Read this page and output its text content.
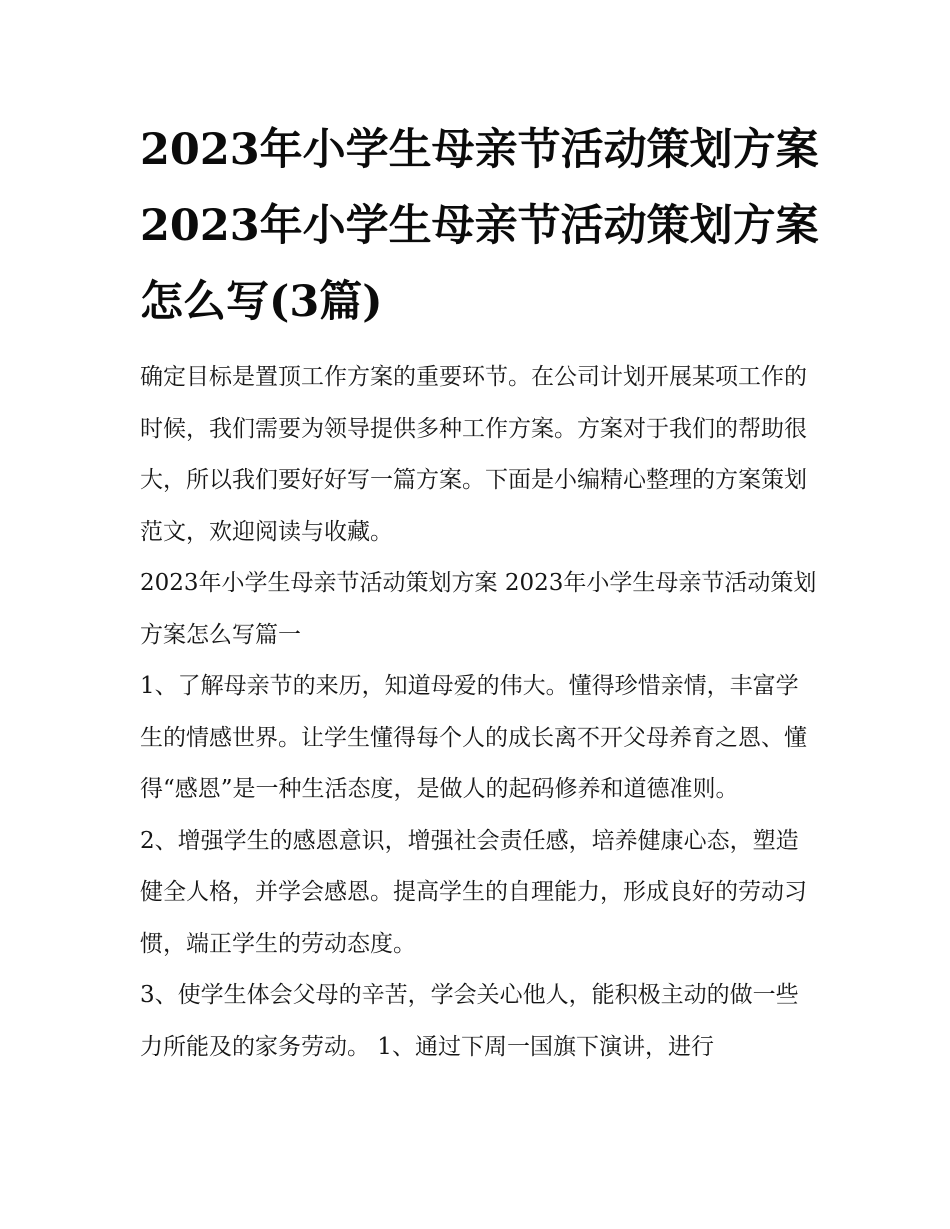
2023年小学生母亲节活动策划方案 2023年小学生母亲节活动策划方案怎么写(3篇)

确定目标是置顶工作方案的重要环节。在公司计划开展某项工作的时候，我们需要为领导提供多种工作方案。方案对于我们的帮助很大，所以我们要好好写一篇方案。下面是小编精心整理的方案策划范文，欢迎阅读与收藏。

2023年小学生母亲节活动策划方案 2023年小学生母亲节活动策划方案怎么写篇一

1、了解母亲节的来历，知道母爱的伟大。懂得珍惜亲情，丰富学生的情感世界。让学生懂得每个人的成长离不开父母养育之恩、懂得“感恩”是一种生活态度，是做人的起码修养和道德准则。

2、增强学生的感恩意识，增强社会责任感，培养健康心态，塑造健全人格，并学会感恩。提高学生的自理能力，形成良好的劳动习惯，端正学生的劳动态度。

3、使学生体会父母的辛苦，学会关心他人，能积极主动的做一些力所能及的家务劳动。 1、通过下周一国旗下演讲，进行
